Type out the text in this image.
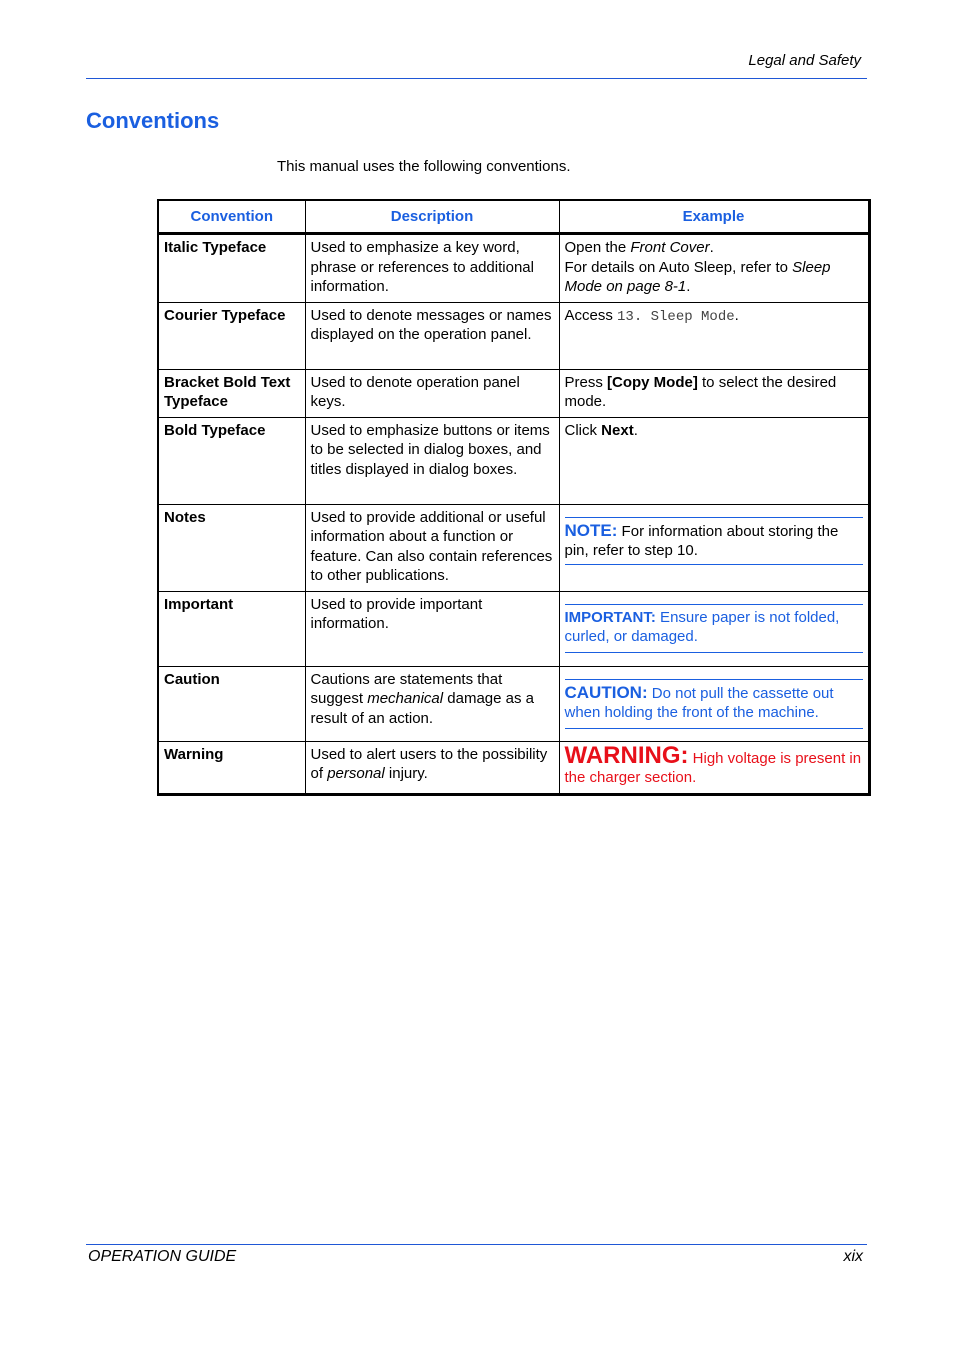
Legal and Safety
Conventions
This manual uses the following conventions.
Convention	Description	Example
Italic Typeface	Used to emphasize a key word, phrase or references to additional information.	Open the Front Cover.
For details on Auto Sleep, refer to Sleep Mode on page 8-1.
Courier Typeface	Used to denote messages or names displayed on the operation panel.	Access 13. Sleep Mode.
Bracket Bold Text Typeface	Used to denote operation panel keys.	Press [Copy Mode] to select the desired mode.
Bold Typeface	Used to emphasize buttons or items to be selected in dialog boxes, and titles displayed in dialog boxes.	Click Next.
Notes	Used to provide additional or useful information about a function or feature. Can also contain references to other publications.	NOTE: For information about storing the pin, refer to step 10.

Important	Used to provide important information.	IMPORTANT: Ensure paper is not folded, curled, or damaged.

Caution	Cautions are statements that suggest mechanical damage as a result of an action.	CAUTION: Do not pull the cassette out when holding the front of the machine.

Warning	Used to alert users to the possibility of personal injury.	WARNING: High voltage is present in the charger section.
OPERATION GUIDE	xix
